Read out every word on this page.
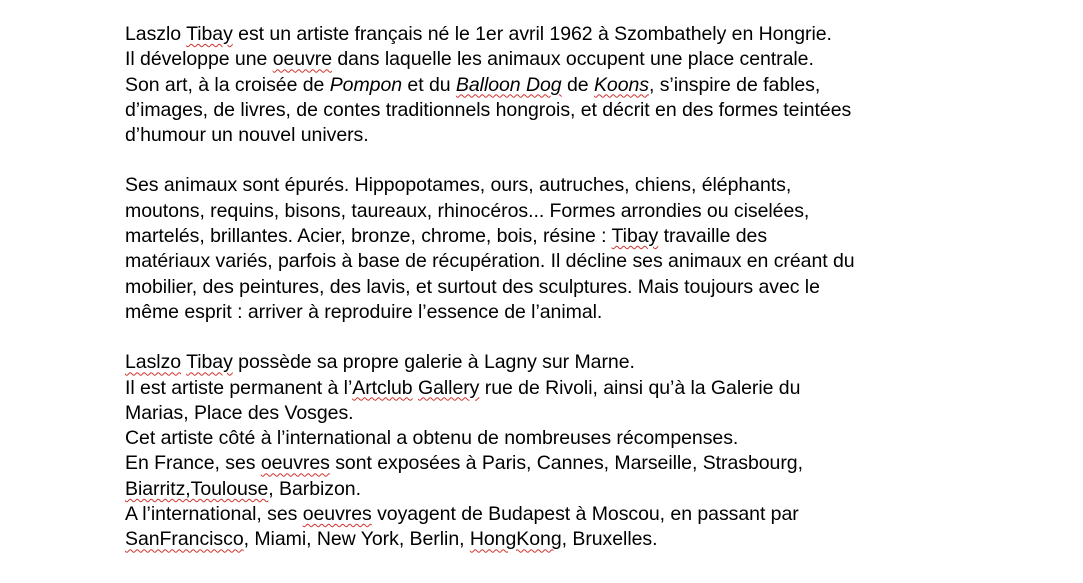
Laszlo Tibay est un artiste français né le 1er avril 1962 à Szombathely en Hongrie.
Il développe une oeuvre dans laquelle les animaux occupent une place centrale.
Son art, à la croisée de Pompon et du Balloon Dog de Koons, s’inspire de fables,
d’images, de livres, de contes traditionnels hongrois, et décrit en des formes teintées
d’humour un nouvel univers.
Ses animaux sont épurés. Hippopotames, ours, autruches, chiens, éléphants,
moutons, requins, bisons, taureaux, rhinocéros... Formes arrondies ou ciselées,
martelés, brillantes. Acier, bronze, chrome, bois, résine : Tibay travaille des
matériaux variés, parfois à base de récupération. Il décline ses animaux en créant du
mobilier, des peintures, des lavis, et surtout des sculptures. Mais toujours avec le
même esprit : arriver à reproduire l’essence de l’animal.
Laslzo Tibay possède sa propre galerie à Lagny sur Marne.
Il est artiste permanent à l’Artclub Gallery rue de Rivoli, ainsi qu’à la Galerie du
Marias, Place des Vosges.
Cet artiste côté à l’international a obtenu de nombreuses récompenses.
En France, ses oeuvres sont exposées à Paris, Cannes, Marseille, Strasbourg,
Biarritz,Toulouse, Barbizon.
A l’international, ses oeuvres voyagent de Budapest à Moscou, en passant par
SanFrancisco, Miami, New York, Berlin, HongKong, Bruxelles.
